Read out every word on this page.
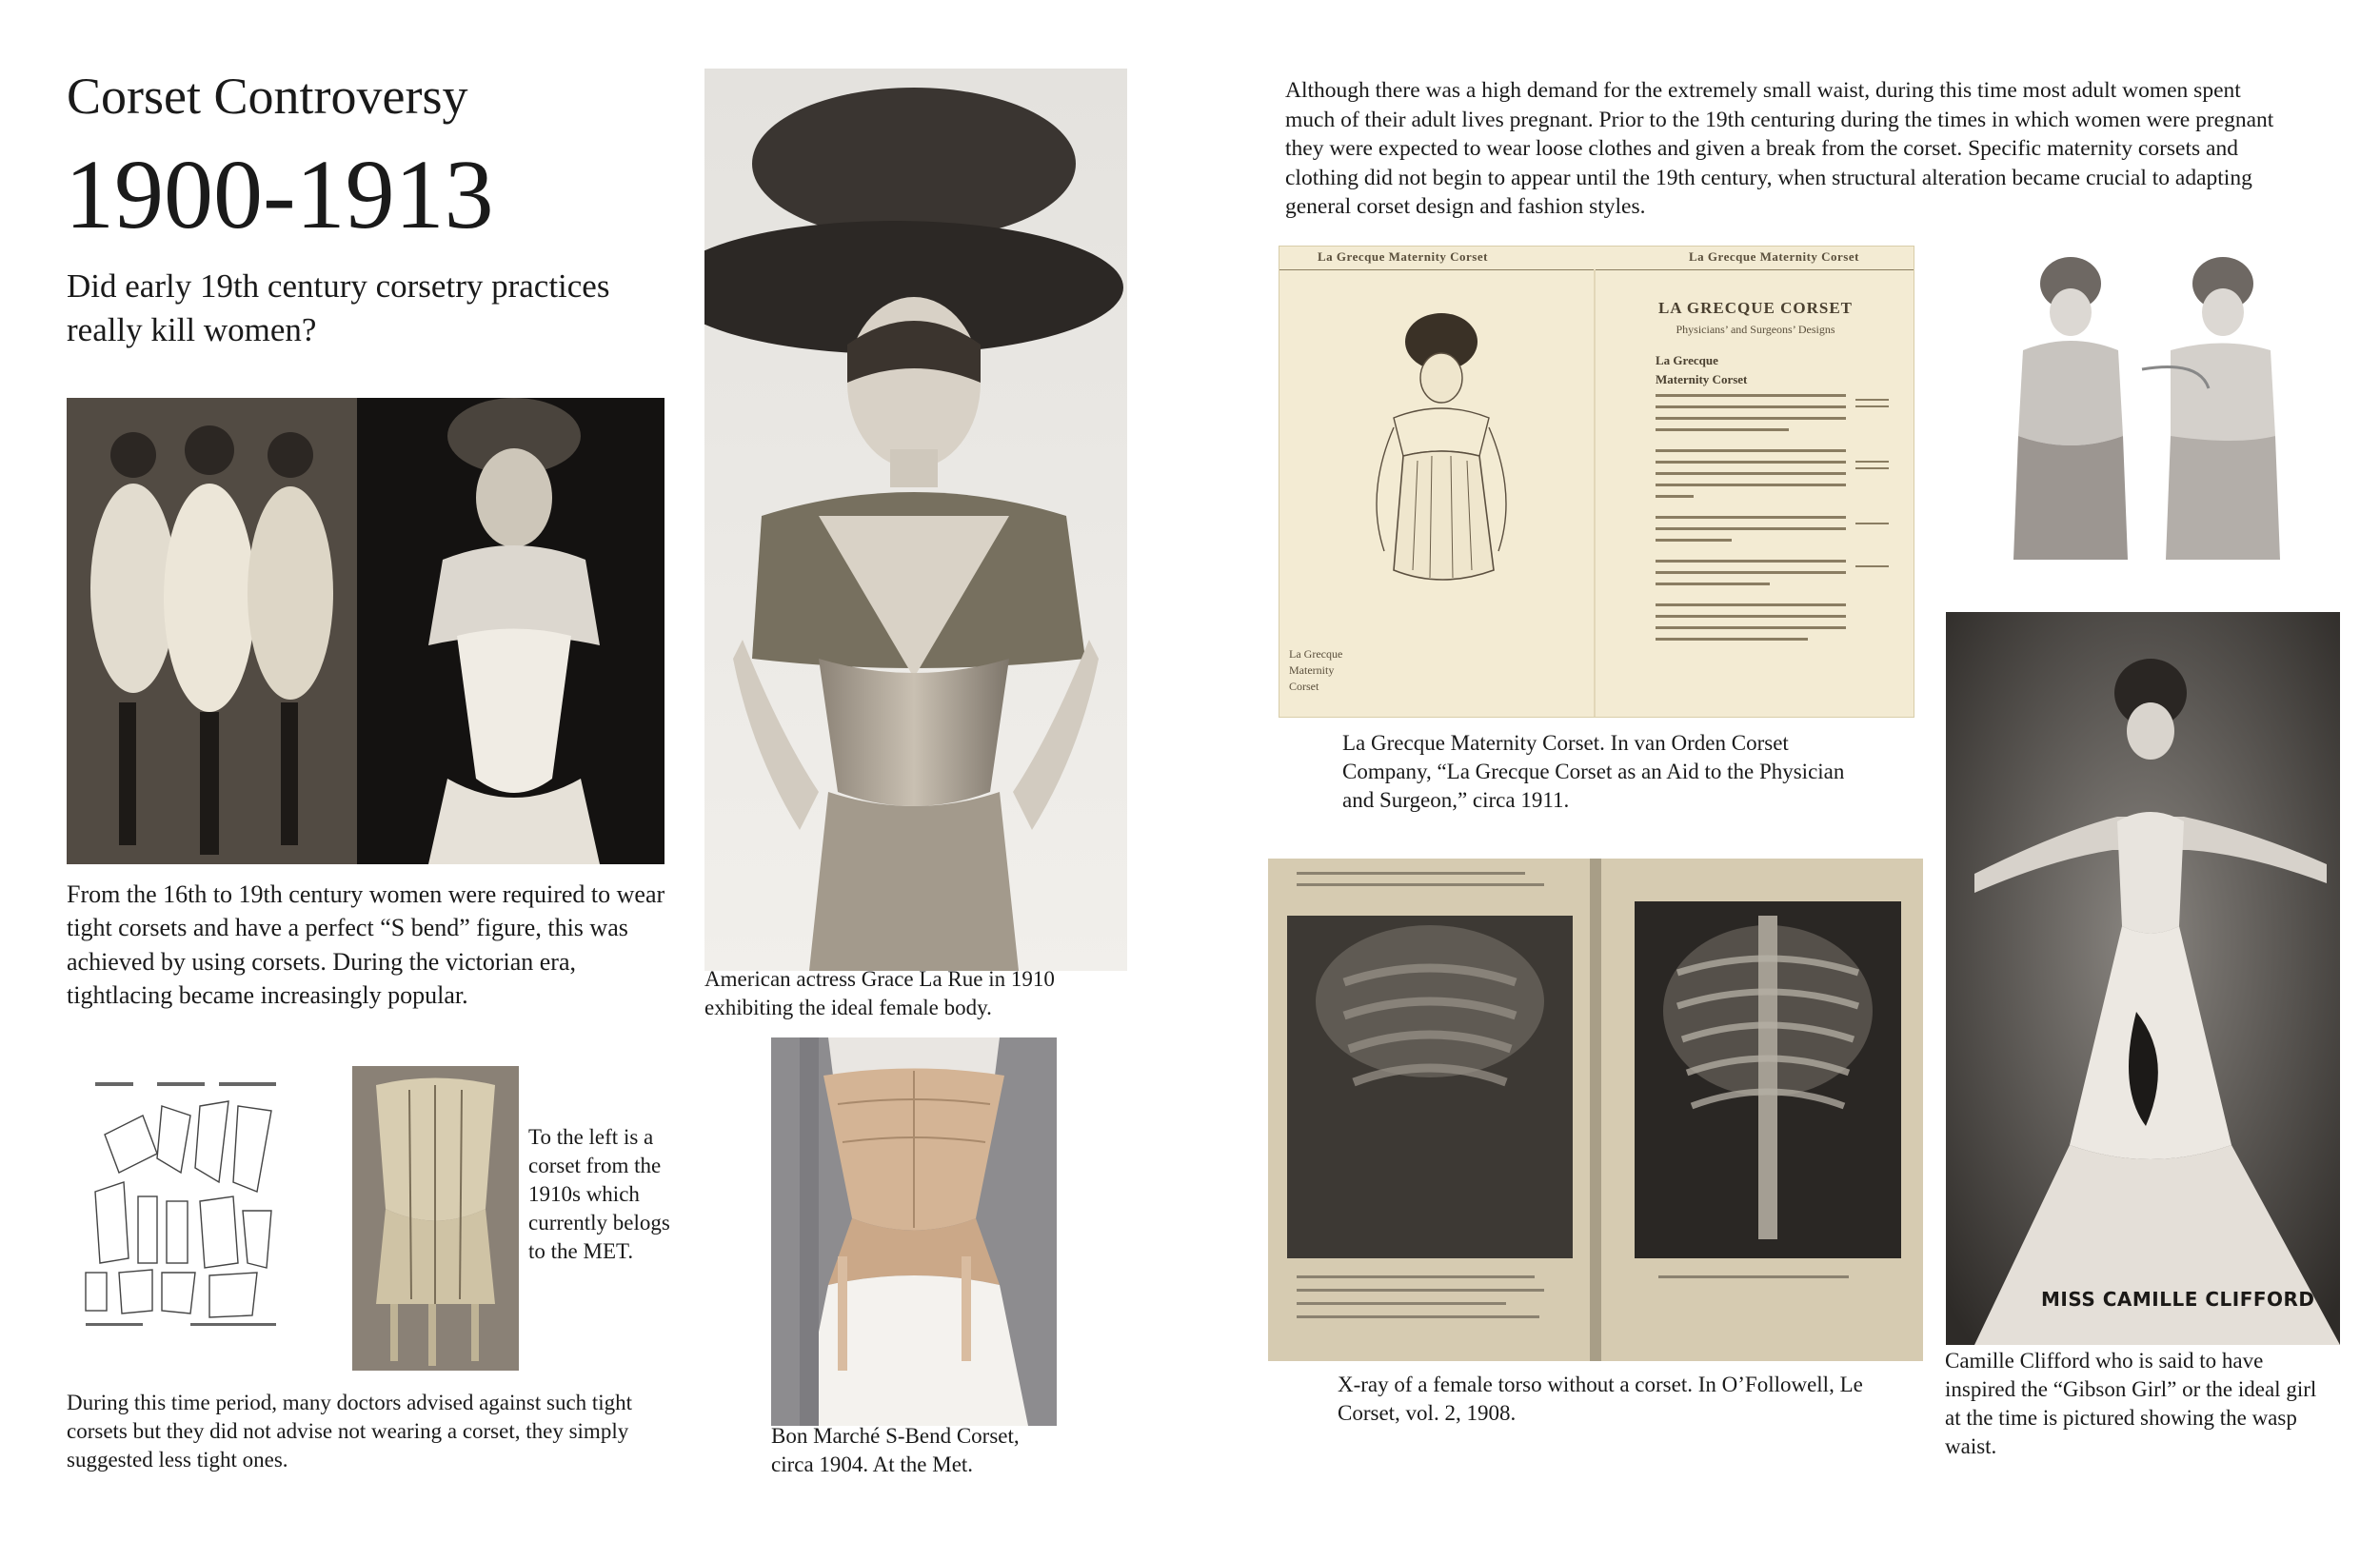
Corset Controversy
1900-1913
Did early 19th century corsetry practices really kill women?
From the 16th to 19th century women were required to wear tight corsets and have a perfect “S bend” figure, this was achieved by using corsets. During the victorian era, tightlacing became increasingly popular.
To the left is a corset from the 1910s which currently belogs to the MET.
During this time period, many doctors advised against such tight corsets but they did not advise not wearing a corset, they simply suggested less tight ones.
American actress Grace La Rue in 1910 exhibiting the ideal female body.
Bon Marché S-Bend Corset, circa 1904. At the Met.
Although there was a high demand for the extremely small waist, during this time most adult women spent much of their adult lives pregnant. Prior to the 19th centuring during the times in which women were pregnant they were expected to wear loose clothes and given a break from the corset. Specific maternity corsets and clothing did not begin to appear until the 19th century, when structural alteration became crucial to adapting general corset design and fashion styles.
La Grecque Maternity Corset	La Grecque Maternity Corset
La Grecque Maternity Corset
LA GRECQUE CORSET
Physicians’ and Surgeons’ Designs
La Grecque Maternity Corset
La Grecque Maternity Corset. In van Orden Corset Company, “La Grecque Corset as an Aid to the Physician and Surgeon,” circa 1911.
X-ray of a female torso without a corset. In O’Followell, Le Corset, vol. 2, 1908.
MISS CAMILLE CLIFFORD
Camille Clifford who is said to have inspired the “Gibson Girl” or the ideal girl at the time is pictured showing the wasp waist.
